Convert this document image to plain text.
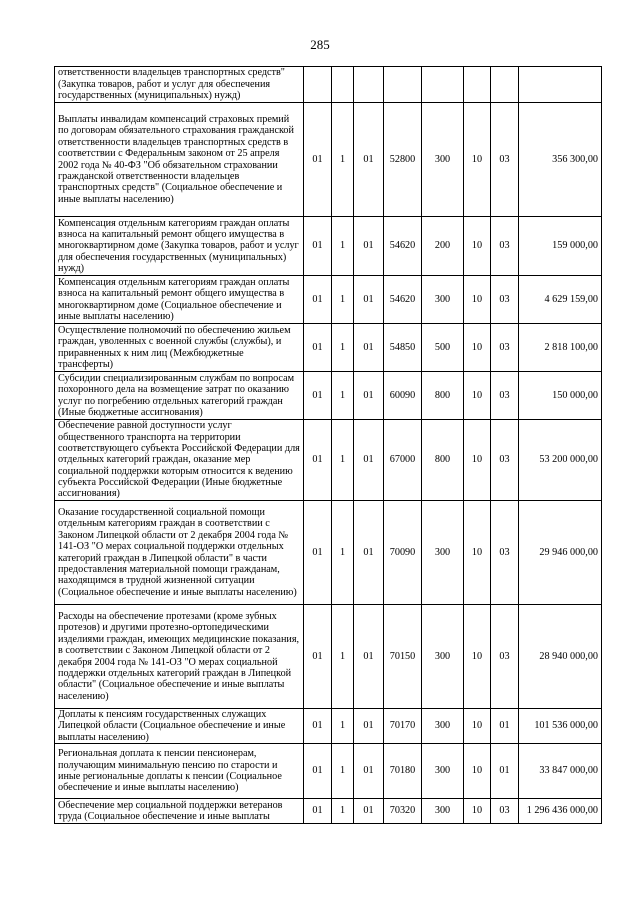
285
ответственности владельцев транспортных средств" (Закупка товаров, работ и услуг для обеспечения государственных (муниципальных) нужд)								
Выплаты инвалидам компенсаций страховых премий по договорам обязательного страхования гражданской ответственности владельцев транспортных средств в соответствии с Федеральным законом от 25 апреля 2002 года № 40-ФЗ "Об обязательном страховании гражданской ответственности владельцев транспортных средств" (Социальное обеспечение и иные выплаты населению)	01	1	01	52800	300	10	03	356 300,00
Компенсация отдельным категориям граждан оплаты взноса на капитальный ремонт общего имущества в многоквартирном доме (Закупка товаров, работ и услуг для обеспечения государственных (муниципальных) нужд)	01	1	01	54620	200	10	03	159 000,00
Компенсация отдельным категориям граждан оплаты взноса на капитальный ремонт общего имущества в многоквартирном доме (Социальное обеспечение и иные выплаты населению)	01	1	01	54620	300	10	03	4 629 159,00
Осуществление полномочий по обеспечению жильем граждан, уволенных с военной службы (службы), и приравненных к ним лиц (Межбюджетные трансферты)	01	1	01	54850	500	10	03	2 818 100,00
Субсидии специализированным службам по вопросам похоронного дела на возмещение затрат по оказанию услуг по погребению отдельных категорий граждан (Иные бюджетные ассигнования)	01	1	01	60090	800	10	03	150 000,00
Обеспечение равной доступности услуг общественного транспорта на территории соответствующего субъекта Российской Федерации для отдельных категорий граждан, оказание мер социальной поддержки которым относится к ведению субъекта Российской Федерации (Иные бюджетные ассигнования)	01	1	01	67000	800	10	03	53 200 000,00
Оказание государственной социальной помощи отдельным категориям граждан в соответствии с Законом Липецкой области от 2 декабря 2004 года № 141-ОЗ "О мерах социальной поддержки отдельных категорий граждан в Липецкой области" в части предоставления материальной помощи гражданам, находящимся в трудной жизненной ситуации (Социальное обеспечение и иные выплаты населению)	01	1	01	70090	300	10	03	29 946 000,00
Расходы на обеспечение протезами (кроме зубных протезов) и другими протезно-ортопедическими изделиями граждан, имеющих медицинские показания, в соответствии с Законом Липецкой области от 2 декабря 2004 года № 141-ОЗ "О мерах социальной поддержки отдельных категорий граждан в Липецкой области" (Социальное обеспечение и иные выплаты населению)	01	1	01	70150	300	10	03	28 940 000,00
Доплаты к пенсиям государственных служащих Липецкой области (Социальное обеспечение и иные выплаты населению)	01	1	01	70170	300	10	01	101 536 000,00
Региональная доплата к пенсии пенсионерам, получающим минимальную пенсию по старости и иные региональные доплаты к пенсии (Социальное обеспечение и иные выплаты населению)	01	1	01	70180	300	10	01	33 847 000,00
Обеспечение мер социальной поддержки ветеранов труда (Социальное обеспечение и иные выплаты	01	1	01	70320	300	10	03	1 296 436 000,00
